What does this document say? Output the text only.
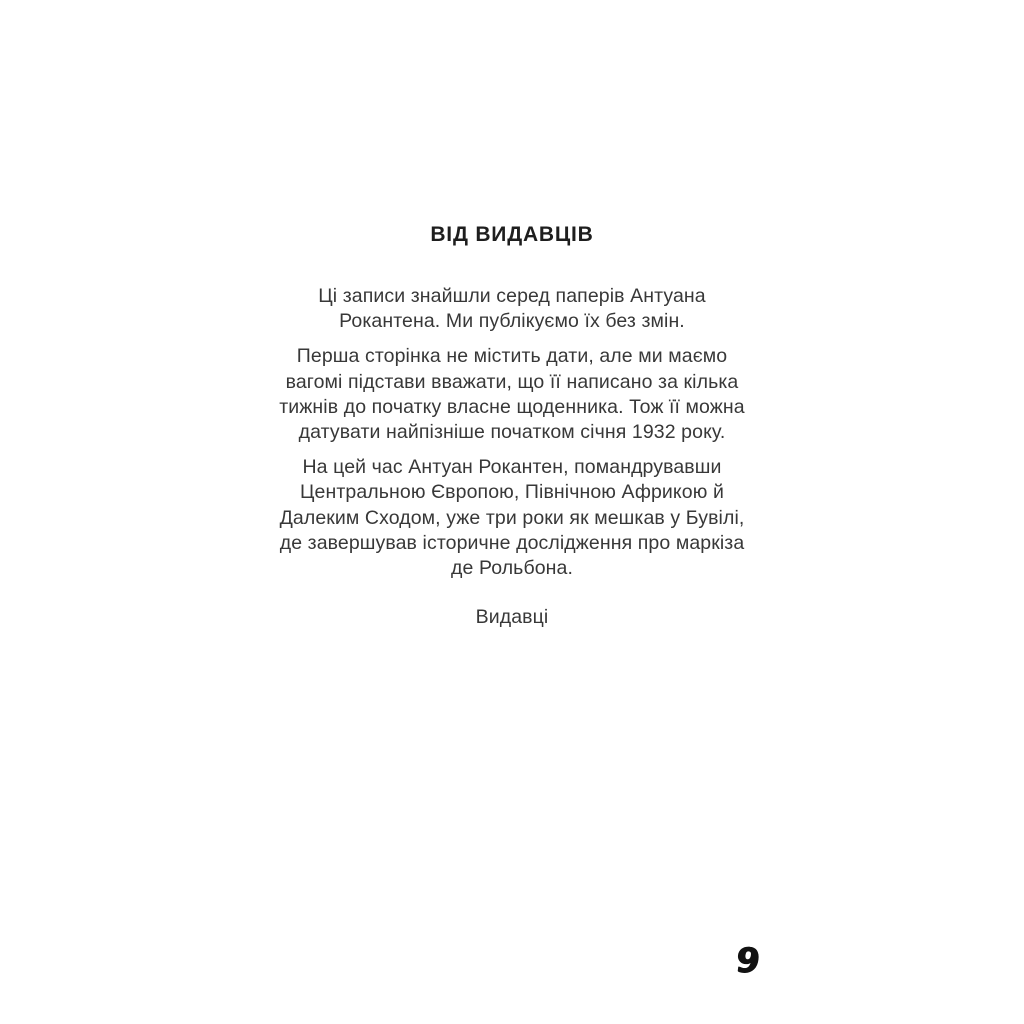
ВІД ВИДАВЦІВ

Ці записи знайшли серед паперів Антуана Рокантена. Ми публікуємо їх без змін.

Перша сторінка не містить дати, але ми маємо вагомі підстави вважати, що її написано за кілька тижнів до початку власне щоденника. Тож її можна датувати найпізніше початком січня 1932 року.

На цей час Антуан Рокантен, помандрувавши Центральною Європою, Північною Африкою й Далеким Сходом, уже три роки як мешкав у Бувілі, де завершував історичне дослідження про маркіза де Рольбона.

Видавці
9
